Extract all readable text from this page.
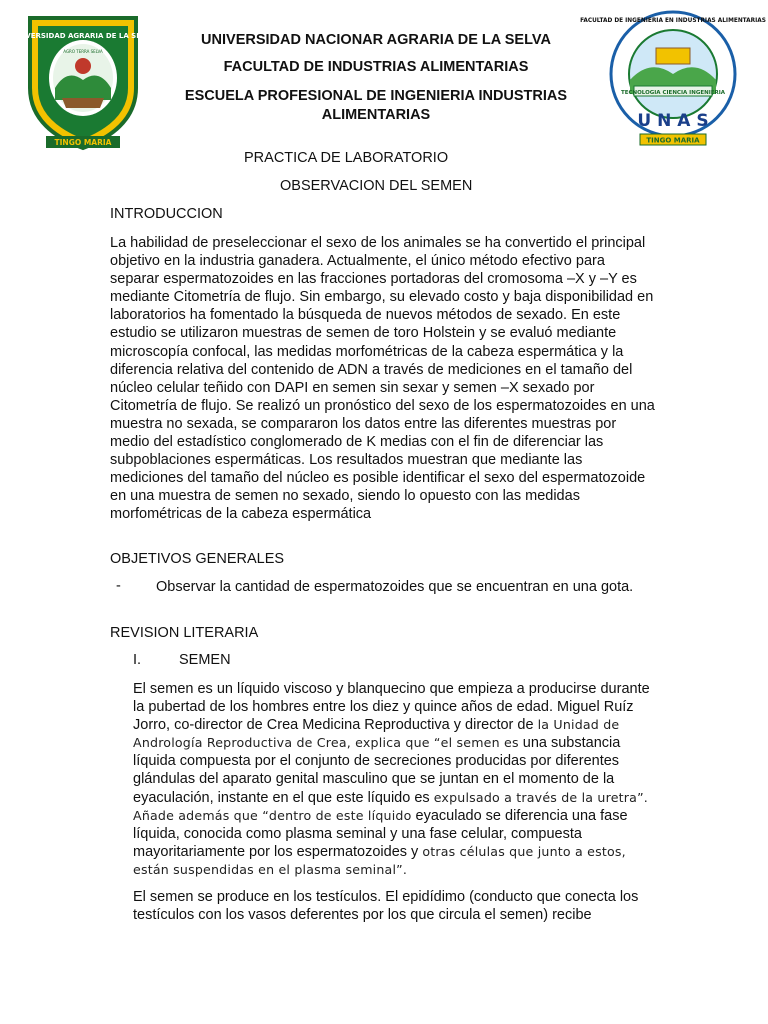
UNIVERSIDAD AGRARIA DE LA SELVA
AGRO TERRA SELVA
TINGO MARIA
TECNOLOGIA CIENCIA INGENIERIA
U N A S
FACULTAD DE INGENIERIA EN INDUSTRIAS ALIMENTARIAS
TINGO MARIA
UNIVERSIDAD NACIONAR AGRARIA DE LA SELVA
FACULTAD DE INDUSTRIAS ALIMENTARIAS
ESCUELA PROFESIONAL DE INGENIERIA INDUSTRIAS ALIMENTARIAS
PRACTICA DE LABORATORIO
OBSERVACION DEL SEMEN
INTRODUCCION
La habilidad de preseleccionar el sexo de los animales se ha convertido el principal objetivo en la industria ganadera. Actualmente, el único método efectivo para separar espermatozoides en las fracciones portadoras del cromosoma –X y –Y es mediante Citometría de flujo. Sin embargo, su elevado costo y baja disponibilidad en laboratorios ha fomentado la búsqueda de nuevos métodos de sexado. En este estudio se utilizaron muestras de semen de toro Holstein y se evaluó mediante microscopía confocal, las medidas morfométricas de la cabeza espermática y la diferencia relativa del contenido de ADN a través de mediciones en el tamaño del núcleo celular teñido con DAPI en semen sin sexar y semen –X sexado por Citometría de flujo. Se realizó un pronóstico del sexo de los espermatozoides en una muestra no sexada, se compararon los datos entre las diferentes muestras por medio del estadístico conglomerado de K medias con el fin de diferenciar las subpoblaciones espermáticas. Los resultados muestran que mediante las mediciones del tamaño del núcleo es posible identificar el sexo del espermatozoide en una muestra de semen no sexado, siendo lo opuesto con las medidas morfométricas de la cabeza espermática
OBJETIVOS GENERALES
- Observar la cantidad de espermatozoides que se encuentran en una gota.
REVISION LITERARIA
I.	SEMEN
El semen es un líquido viscoso y blanquecino que empieza a producirse durante la pubertad de los hombres entre los diez y quince años de edad. Miguel Ruíz Jorro, co-director de Crea Medicina Reproductiva y director de la Unidad de Andrología Reproductiva de Crea, explica que “el semen es una substancia líquida compuesta por el conjunto de secreciones producidas por diferentes glándulas del aparato genital masculino que se juntan en el momento de la eyaculación, instante en el que este líquido es expulsado a través de la uretra”. Añade además que “dentro de este líquido eyaculado se diferencia una fase líquida, conocida como plasma seminal y una fase celular, compuesta mayoritariamente por los espermatozoides y otras células que junto a estos, están suspendidas en el plasma seminal”.
El semen se produce en los testículos. El epidídimo (conducto que conecta los testículos con los vasos deferentes por los que circula el semen) recibe
